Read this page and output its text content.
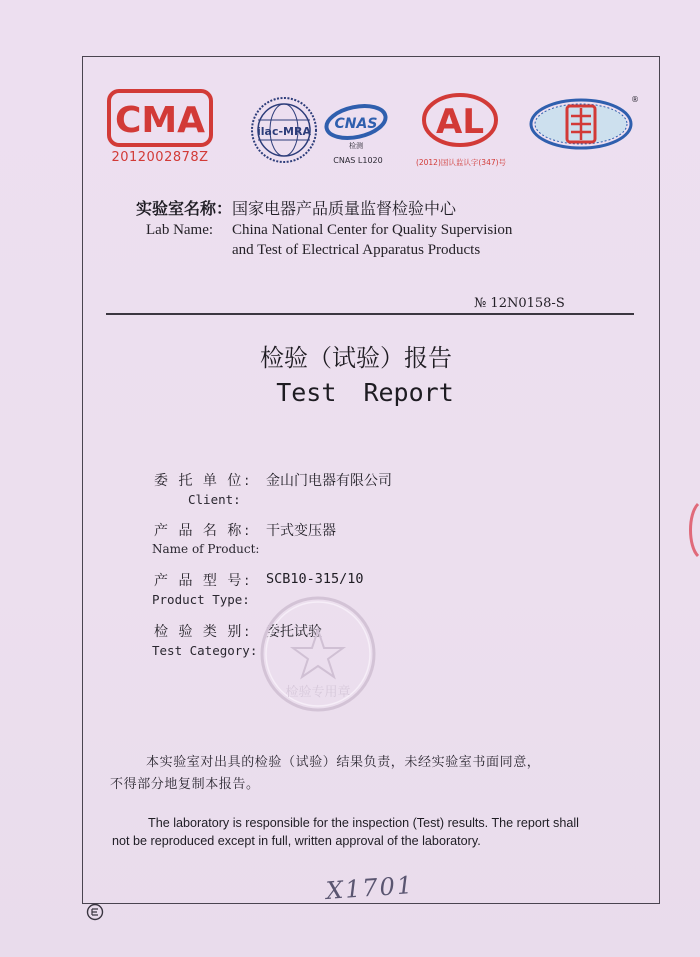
CMA
2012002878Z
ilac-MRA CNAS
检测
CNAS L1020
AL
(2012)国认监认字(347)号
®
实验室名称：国家电器产品质量监督检验中心
Lab Name: China National Center for Quality Supervision
and Test of Electrical Apparatus Products
№ 12N0158-S
检验（试验）报告
Test Report
委 托 单 位: 金山门电器有限公司
Client:
产 品 名 称: 干式变压器
Name of Product:
产 品 型 号: SCB10-315/10
Product Type:
检 验 类 别: 委托试验
Test Category:
检验专用章
本实验室对出具的检验（试验）结果负责，未经实验室书面同意，
不得部分地复制本报告。
The laboratory is responsible for the inspection (Test) results. The report shall
not be reproduced except in full, written approval of the laboratory.
X1701
